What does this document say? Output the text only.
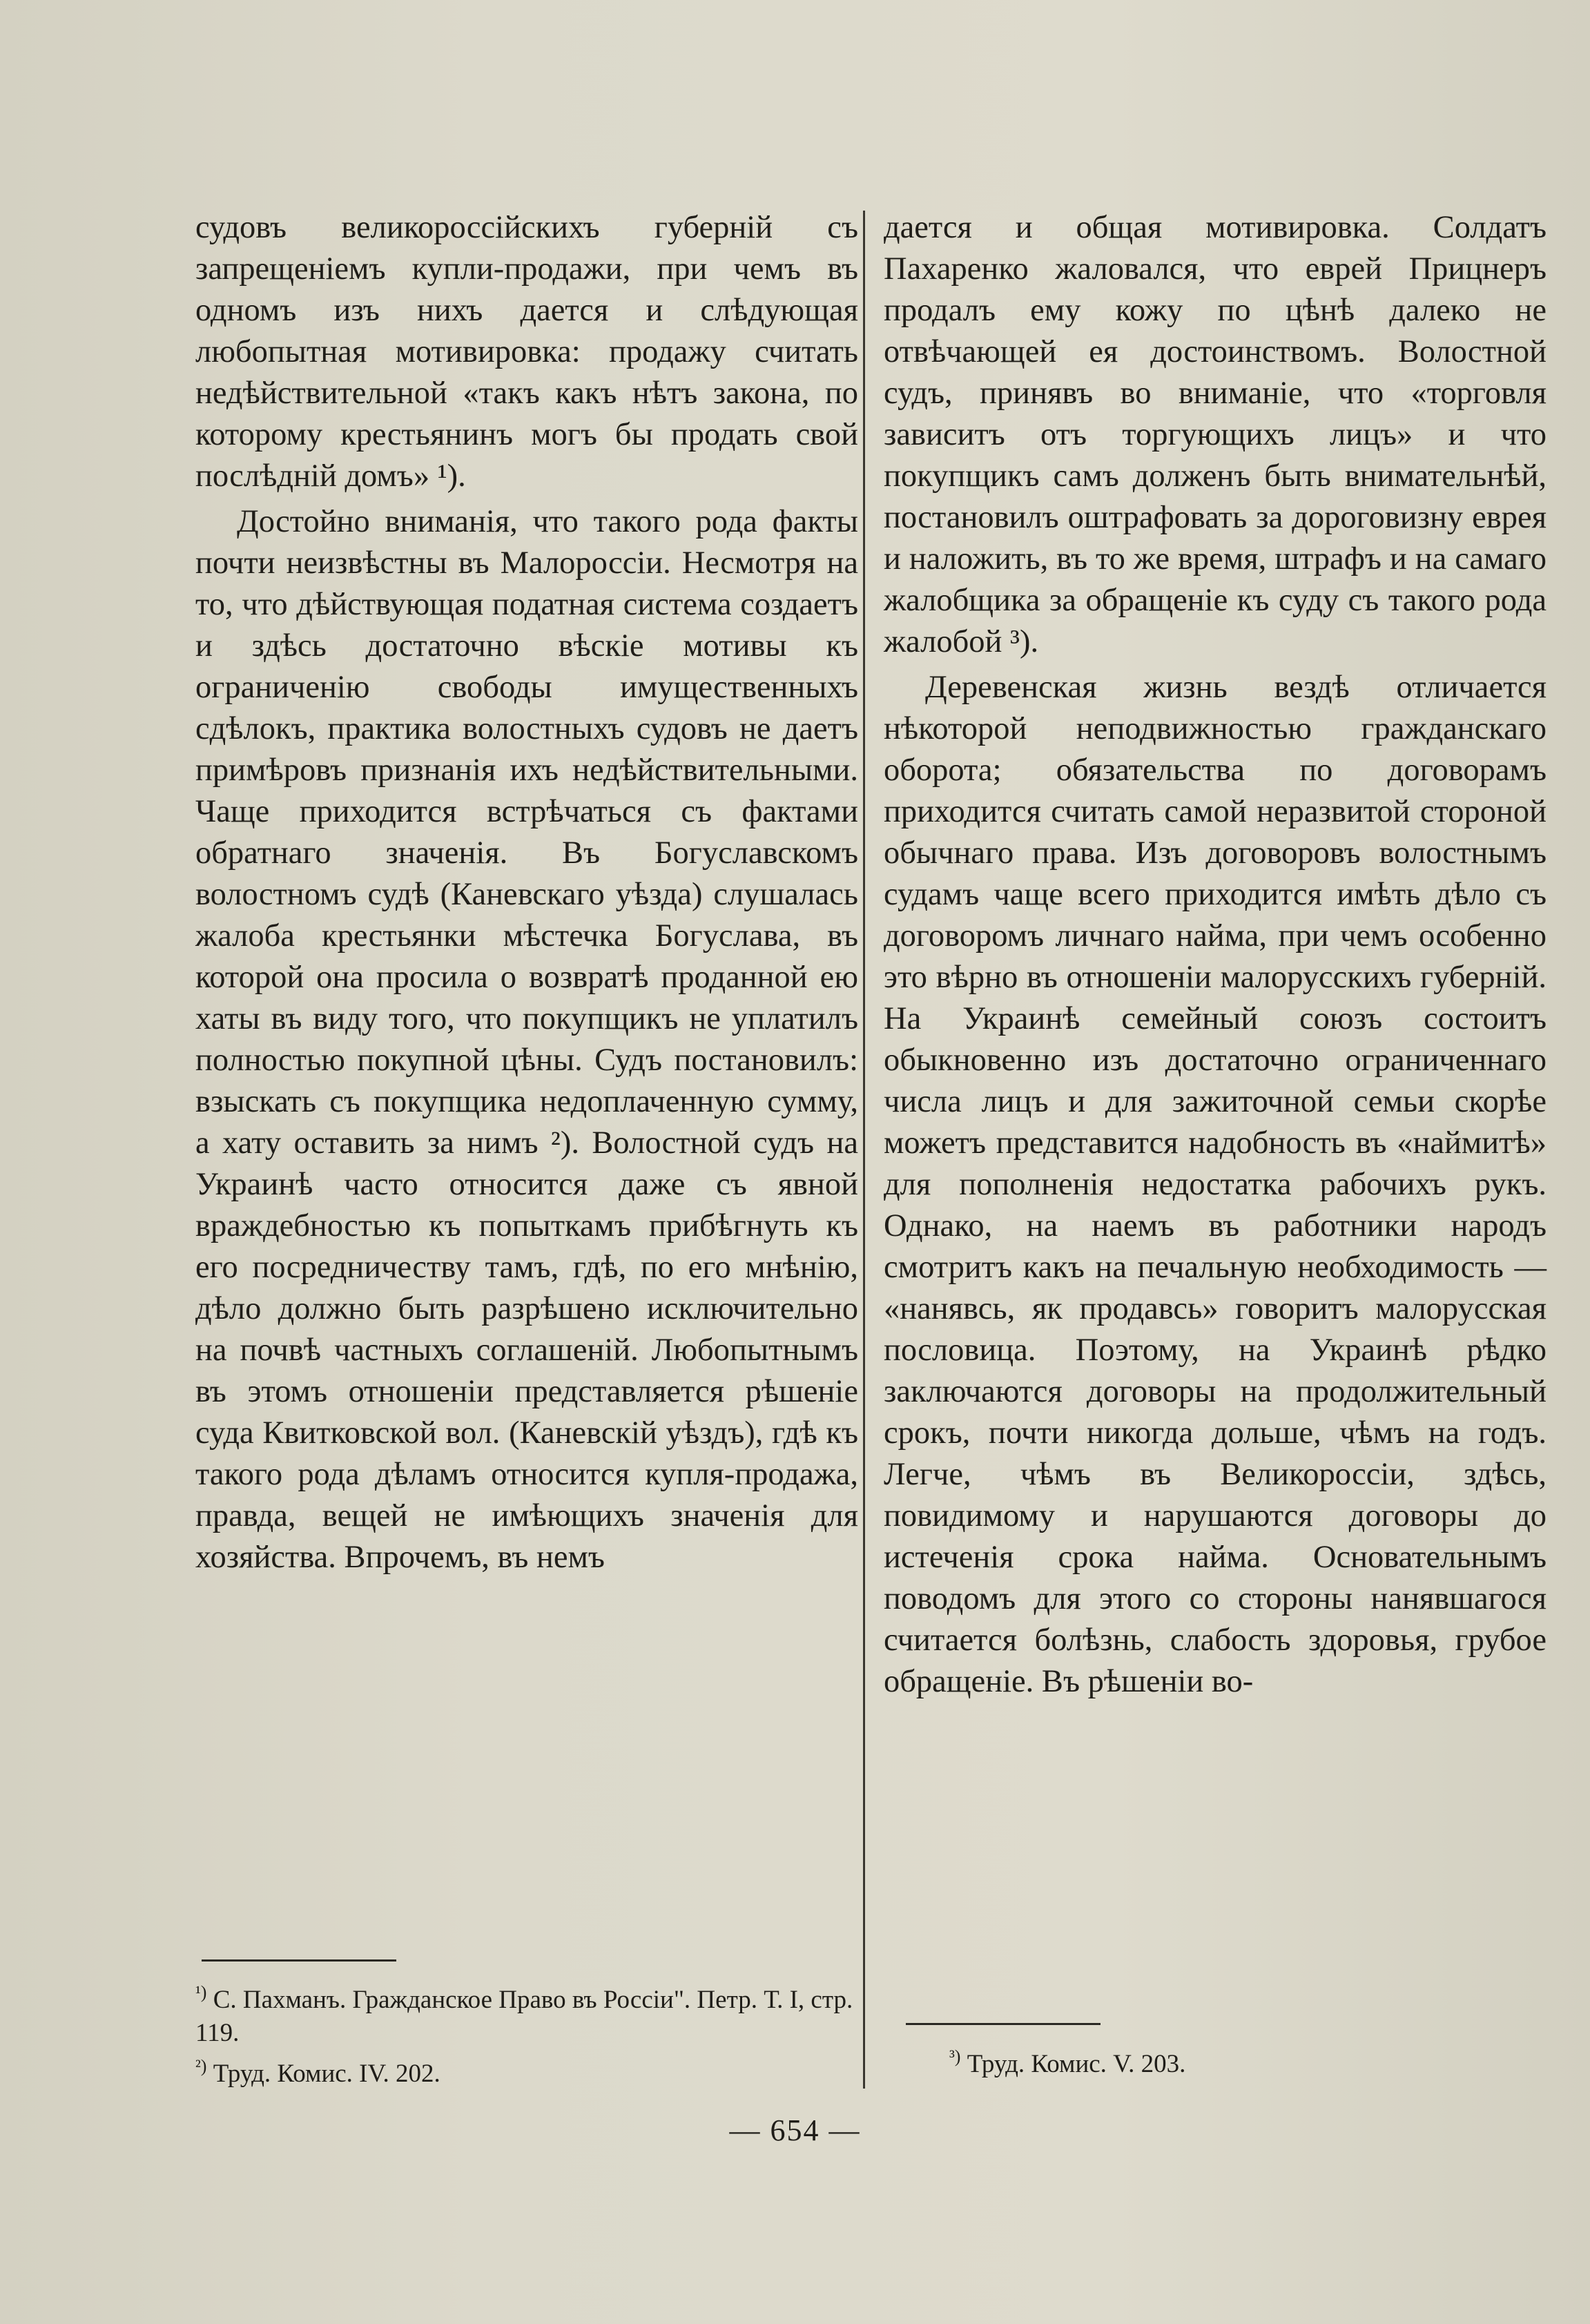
судовъ великороссійскихъ губерній съ запрещеніемъ купли-продажи, при чемъ въ одномъ изъ нихъ дается и слѣдующая любопытная мотивировка: продажу считать недѣйствительной «такъ какъ нѣтъ закона, по которому крестьянинъ могъ бы продать свой послѣдній домъ» ¹).

Достойно вниманія, что такого рода факты почти неизвѣстны въ Малороссіи. Несмотря на то, что дѣйствующая податная система создаетъ и здѣсь достаточно вѣскіе мотивы къ ограниченію свободы имущественныхъ сдѣлокъ, практика волостныхъ судовъ не даетъ примѣровъ признанія ихъ недѣйствительными. Чаще приходится встрѣчаться съ фактами обратнаго значенія. Въ Богуславскомъ волостномъ судѣ (Каневскаго уѣзда) слушалась жалоба крестьянки мѣстечка Богуслава, въ которой она просила о возвратѣ проданной ею хаты въ виду того, что покупщикъ не уплатилъ полностью покупной цѣны. Судъ постановилъ: взыскать съ покупщика недоплаченную сумму, а хату оставить за нимъ ²). Волостной судъ на Украинѣ часто относится даже съ явной враждебностью къ попыткамъ прибѣгнуть къ его посредничеству тамъ, гдѣ, по его мнѣнію, дѣло должно быть разрѣшено исключительно на почвѣ частныхъ соглашеній. Любопытнымъ въ этомъ отношеніи представляется рѣшеніе суда Квитковской вол. (Каневскій уѣздъ), гдѣ къ такого рода дѣламъ относится купля-продажа, правда, вещей не имѣющихъ значенія для хозяйства. Впрочемъ, въ немъ

дается и общая мотивировка. Солдатъ Пахаренко жаловался, что еврей Прицнеръ продалъ ему кожу по цѣнѣ далеко не отвѣчающей ея достоинствомъ. Волостной судъ, принявъ во вниманіе, что «торговля зависитъ отъ торгующихъ лицъ» и что покупщикъ самъ долженъ быть внимательнѣй, постановилъ оштрафовать за дороговизну еврея и наложить, въ то же время, штрафъ и на самаго жалобщика за обращеніе къ суду съ такого рода жалобой ³).

Деревенская жизнь вездѣ отличается нѣкоторой неподвижностью гражданскаго оборота; обязательства по договорамъ приходится считать самой неразвитой стороной обычнаго права. Изъ договоровъ волостнымъ судамъ чаще всего приходится имѣть дѣло съ договоромъ личнаго найма, при чемъ особенно это вѣрно въ отношеніи малорусскихъ губерній. На Украинѣ семейный союзъ состоитъ обыкновенно изъ достаточно ограниченнаго числа лицъ и для зажиточной семьи скорѣе можетъ представится надобность въ «наймитѣ» для пополненія недостатка рабочихъ рукъ. Однако, на наемъ въ работники народъ смотритъ какъ на печальную необходимость — «нанявсь, як продавсь» говоритъ малорусская пословица. Поэтому, на Украинѣ рѣдко заключаются договоры на продолжительный срокъ, почти никогда дольше, чѣмъ на годъ. Легче, чѣмъ въ Великороссіи, здѣсь, повидимому и нарушаются договоры до истеченія срока найма. Основательнымъ поводомъ для этого со стороны нанявшагося считается болѣзнь, слабость здоровья, грубое обращеніе. Въ рѣшеніи во-

$^{^1)}$ С. Пахманъ. Гражданское Право въ Россіи". Петр. Т. I, стр. 119.
$^{^2)}$ Труд. Комис. IV. 202.
$^{^3)}$ Труд. Комис. V. 203.
— 654 —
